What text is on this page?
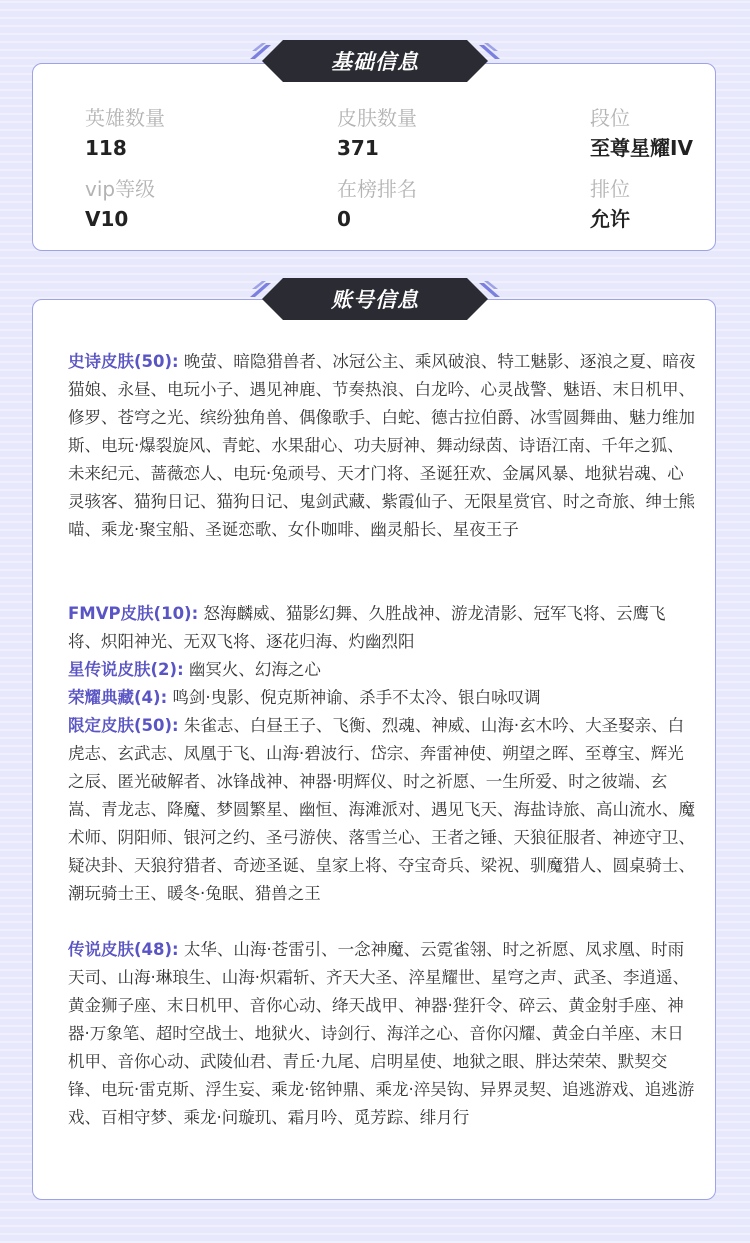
英雄数量
118
皮肤数量
371
段位
至尊星耀IV
vip等级
V10
在榜排名
0
排位
允许
基础信息
账号信息
史诗皮肤(50): 晚萤、暗隐猎兽者、冰冠公主、乘风破浪、特工魅影、逐浪之夏、暗夜猫娘、永昼、电玩小子、遇见神鹿、节奏热浪、白龙吟、心灵战警、魅语、末日机甲、修罗、苍穹之光、缤纷独角兽、偶像歌手、白蛇、德古拉伯爵、冰雪圆舞曲、魅力维加斯、电玩·爆裂旋风、青蛇、水果甜心、功夫厨神、舞动绿茵、诗语江南、千年之狐、未来纪元、蔷薇恋人、电玩·兔顽号、天才门将、圣诞狂欢、金属风暴、地狱岩魂、心灵骇客、猫狗日记、猫狗日记、鬼剑武藏、紫霞仙子、无限星赏官、时之奇旅、绅士熊喵、乘龙·聚宝船、圣诞恋歌、女仆咖啡、幽灵船长、星夜王子
FMVP皮肤(10): 怒海麟威、猫影幻舞、久胜战神、游龙清影、冠军飞将、云鹰飞将、炽阳神光、无双飞将、逐花归海、灼幽烈阳
星传说皮肤(2): 幽冥火、幻海之心
荣耀典藏(4): 鸣剑·曳影、倪克斯神谕、杀手不太冷、银白咏叹调
限定皮肤(50): 朱雀志、白昼王子、飞衡、烈魂、神威、山海·玄木吟、大圣娶亲、白虎志、玄武志、凤凰于飞、山海·碧波行、岱宗、奔雷神使、朔望之晖、至尊宝、辉光之辰、匿光破解者、冰锋战神、神器·明辉仪、时之祈愿、一生所爱、时之彼端、玄嵩、青龙志、降魔、梦圆繁星、幽恒、海滩派对、遇见飞天、海盐诗旅、高山流水、魔术师、阴阳师、银河之约、圣弓游侠、落雪兰心、王者之锤、天狼征服者、神迹守卫、疑决卦、天狼狩猎者、奇迹圣诞、皇家上将、夺宝奇兵、梁祝、驯魔猎人、圆桌骑士、潮玩骑士王、暖冬·兔眠、猎兽之王
传说皮肤(48): 太华、山海·苍雷引、一念神魔、云霓雀翎、时之祈愿、凤求凰、时雨天司、山海·琳琅生、山海·炽霜斩、齐天大圣、淬星耀世、星穹之声、武圣、李逍遥、黄金狮子座、末日机甲、音你心动、绛天战甲、神器·狴犴令、碎云、黄金射手座、神器·万象笔、超时空战士、地狱火、诗剑行、海洋之心、音你闪耀、黄金白羊座、末日机甲、音你心动、武陵仙君、青丘·九尾、启明星使、地狱之眼、胖达荣荣、默契交锋、电玩·雷克斯、浮生妄、乘龙·铭钟鼎、乘龙·淬吴钩、异界灵契、追逃游戏、追逃游戏、百相守梦、乘龙·问璇玑、霜月吟、觅芳踪、绯月行
